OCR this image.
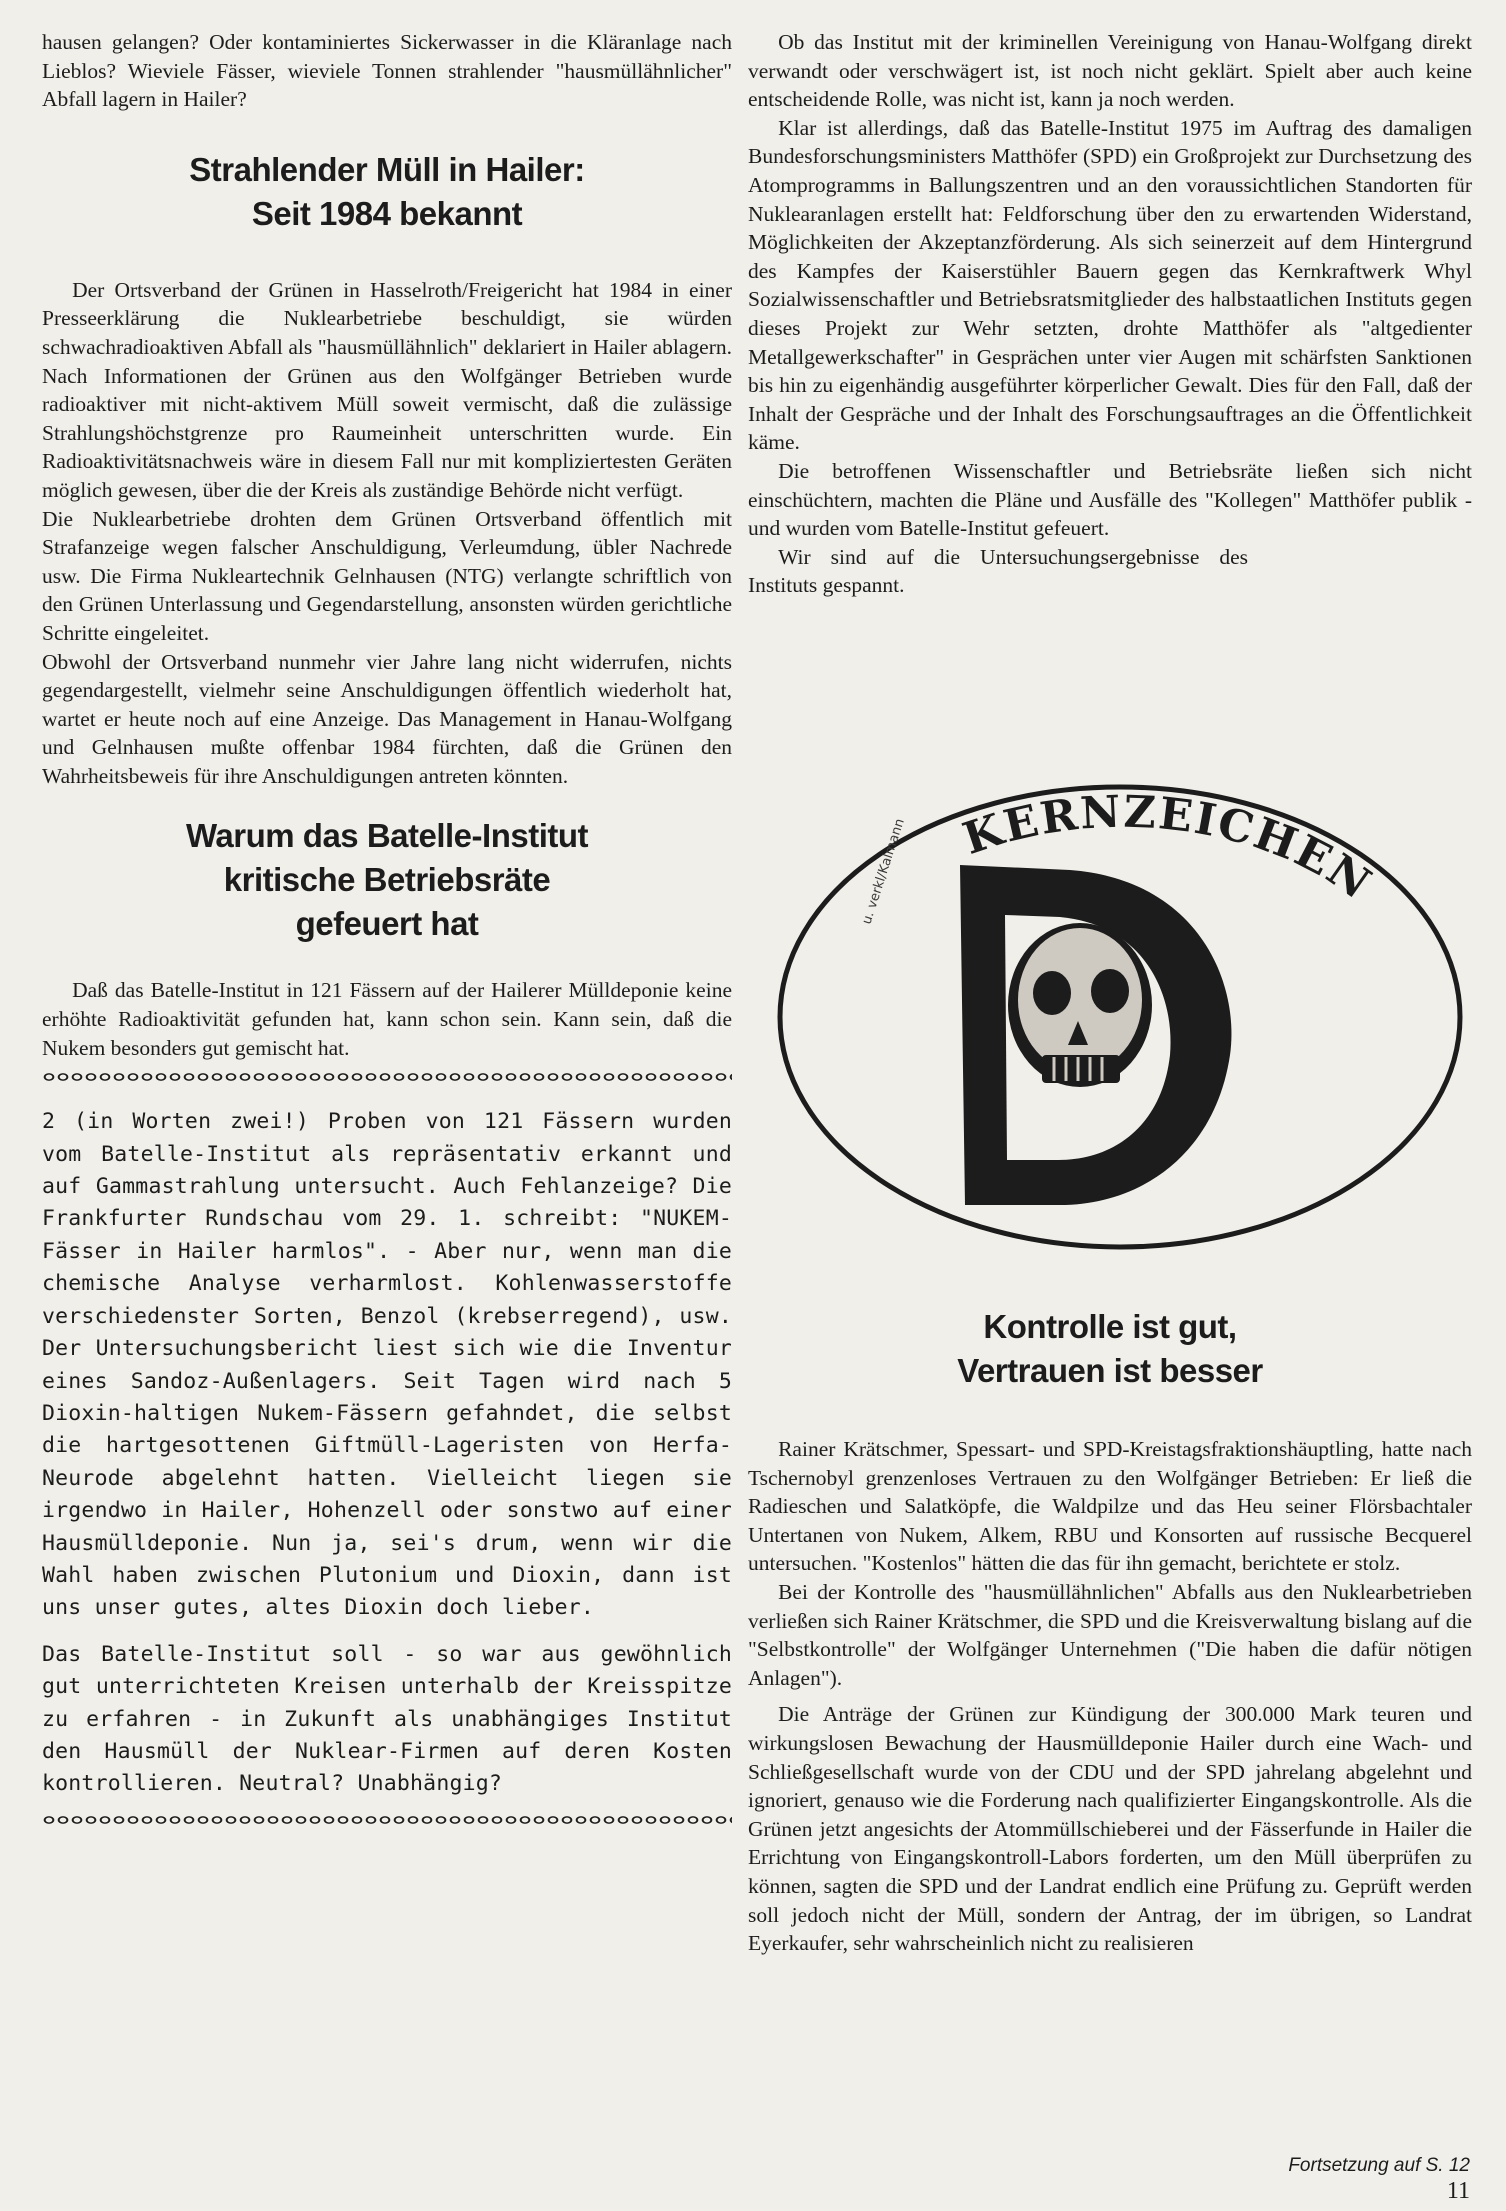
hausen gelangen? Oder kontaminiertes Sickerwasser in die Kläranlage nach Lieblos? Wieviele Fässer, wieviele Tonnen strahlender "hausmüllähnlicher" Abfall lagern in Hailer?

Strahlender Müll in Hailer:
Seit 1984 bekannt

Der Ortsverband der Grünen in Hasselroth/Freigericht hat 1984 in einer Presseerklärung die Nuklearbetriebe beschuldigt, sie würden schwachradioaktiven Abfall als "hausmüllähnlich" deklariert in Hailer ablagern. Nach Informationen der Grünen aus den Wolfgänger Betrieben wurde radioaktiver mit nicht-aktivem Müll soweit vermischt, daß die zulässige Strahlungshöchstgrenze pro Raumeinheit unterschritten wurde. Ein Radioaktivitätsnachweis wäre in diesem Fall nur mit kompliziertesten Geräten möglich gewesen, über die der Kreis als zuständige Behörde nicht verfügt.

Die Nuklearbetriebe drohten dem Grünen Ortsverband öffentlich mit Strafanzeige wegen falscher Anschuldigung, Verleumdung, übler Nachrede usw. Die Firma Nukleartechnik Gelnhausen (NTG) verlangte schriftlich von den Grünen Unterlassung und Gegendarstellung, ansonsten würden gerichtliche Schritte eingeleitet.

Obwohl der Ortsverband nunmehr vier Jahre lang nicht widerrufen, nichts gegendargestellt, vielmehr seine Anschuldigungen öffentlich wiederholt hat, wartet er heute noch auf eine Anzeige. Das Management in Hanau-Wolfgang und Gelnhausen mußte offenbar 1984 fürchten, daß die Grünen den Wahrheitsbeweis für ihre Anschuldigungen antreten könnten.

Warum das Batelle-Institut
kritische Betriebsräte
gefeuert hat

Daß das Batelle-Institut in 121 Fässern auf der Hailerer Mülldeponie keine erhöhte Radioaktivität gefunden hat, kann schon sein. Kann sein, daß die Nukem besonders gut gemischt hat.

2 (in Worten zwei!) Proben von 121 Fässern wurden vom Batelle-Institut als repräsentativ erkannt und auf Gammastrahlung untersucht. Auch Fehlanzeige? Die Frankfurter Rundschau vom 29. 1. schreibt: "NUKEM-Fässer in Hailer harmlos". - Aber nur, wenn man die chemische Analyse verharmlost. Kohlenwasserstoffe verschiedenster Sorten, Benzol (krebserregend), usw. Der Untersuchungsbericht liest sich wie die Inventur eines Sandoz-Außenlagers. Seit Tagen wird nach 5 Dioxin-haltigen Nukem-Fässern gefahndet, die selbst die hartgesottenen Giftmüll-Lageristen von Herfa-Neurode abgelehnt hatten. Vielleicht liegen sie irgendwo in Hailer, Hohenzell oder sonstwo auf einer Hausmülldeponie. Nun ja, sei's drum, wenn wir die Wahl haben zwischen Plutonium und Dioxin, dann ist uns unser gutes, altes Dioxin doch lieber.

Das Batelle-Institut soll - so war aus gewöhnlich gut unterrichteten Kreisen unterhalb der Kreisspitze zu erfahren - in Zukunft als unabhängiges Institut den Hausmüll der Nuklear-Firmen auf deren Kosten kontrollieren. Neutral? Unabhängig?

Ob das Institut mit der kriminellen Vereinigung von Hanau-Wolfgang direkt verwandt oder verschwägert ist, ist noch nicht geklärt. Spielt aber auch keine entscheidende Rolle, was nicht ist, kann ja noch werden.

Klar ist allerdings, daß das Batelle-Institut 1975 im Auftrag des damaligen Bundesforschungsministers Matthöfer (SPD) ein Großprojekt zur Durchsetzung des Atomprogramms in Ballungszentren und an den voraussichtlichen Standorten für Nuklearanlagen erstellt hat: Feldforschung über den zu erwartenden Widerstand, Möglichkeiten der Akzeptanzförderung. Als sich seinerzeit auf dem Hintergrund des Kampfes der Kaiserstühler Bauern gegen das Kernkraftwerk Whyl Sozialwissenschaftler und Betriebsratsmitglieder des halbstaatlichen Instituts gegen dieses Projekt zur Wehr setzten, drohte Matthöfer als "altgedienter Metallgewerkschafter" in Gesprächen unter vier Augen mit schärfsten Sanktionen bis hin zu eigenhändig ausgeführter körperlicher Gewalt. Dies für den Fall, daß der Inhalt der Gespräche und der Inhalt des Forschungsauftrages an die Öffentlichkeit käme.

Die betroffenen Wissenschaftler und Betriebsräte ließen sich nicht einschüchtern, machten die Pläne und Ausfälle des "Kollegen" Matthöfer publik - und wurden vom Batelle-Institut gefeuert.

Wir sind auf die Untersuchungsergebnisse des Instituts gespannt.

KERNZEICHEN
u. verkl/Kalmann
Kontrolle ist gut,
Vertrauen ist besser

Rainer Krätschmer, Spessart- und SPD-Kreistagsfraktionshäuptling, hatte nach Tschernobyl grenzenloses Vertrauen zu den Wolfgänger Betrieben: Er ließ die Radieschen und Salatköpfe, die Waldpilze und das Heu seiner Flörsbachtaler Untertanen von Nukem, Alkem, RBU und Konsorten auf russische Becquerel untersuchen. "Kostenlos" hätten die das für ihn gemacht, berichtete er stolz.

Bei der Kontrolle des "hausmüllähnlichen" Abfalls aus den Nuklearbetrieben verließen sich Rainer Krätschmer, die SPD und die Kreisverwaltung bislang auf die "Selbstkontrolle" der Wolfgänger Unternehmen ("Die haben die dafür nötigen Anlagen").

Die Anträge der Grünen zur Kündigung der 300.000 Mark teuren und wirkungslosen Bewachung der Hausmülldeponie Hailer durch eine Wach- und Schließgesellschaft wurde von der CDU und der SPD jahrelang abgelehnt und ignoriert, genauso wie die Forderung nach qualifizierter Eingangskontrolle. Als die Grünen jetzt angesichts der Atommüllschieberei und der Fässerfunde in Hailer die Errichtung von Eingangskontroll-Labors forderten, um den Müll überprüfen zu können, sagten die SPD und der Landrat endlich eine Prüfung zu. Geprüft werden soll jedoch nicht der Müll, sondern der Antrag, der im übrigen, so Landrat Eyerkaufer, sehr wahrscheinlich nicht zu realisieren

Fortsetzung auf S. 12
11
